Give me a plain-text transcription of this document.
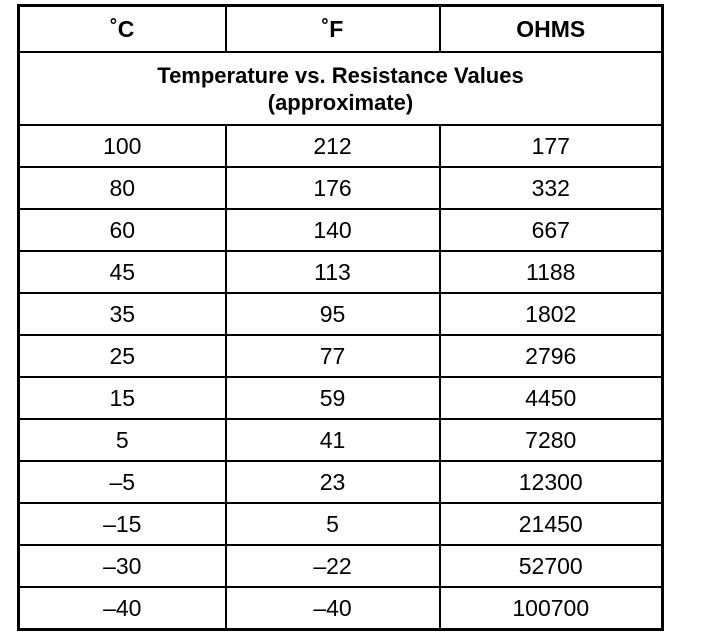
˚C	˚F	OHMS

Temperature vs. Resistance Values
(approximate)		

100	212	177
80	176	332
60	140	667
45	113	1188
35	95	1802
25	77	2796
15	59	4450
5	41	7280
–5	23	12300
–15	5	21450
–30	–22	52700
–40	–40	100700
